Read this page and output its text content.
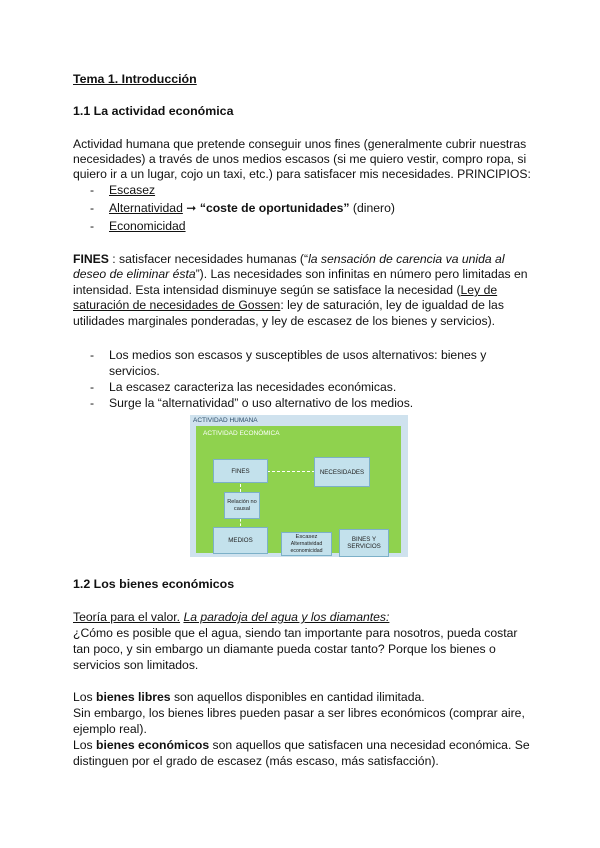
Tema 1. Introducción
1.1 La actividad económica
Actividad humana que pretende conseguir unos fines (generalmente cubrir nuestras
necesidades) a través de unos medios escasos (si me quiero vestir, compro ropa, si
quiero ir a un lugar, cojo un taxi, etc.) para satisfacer mis necesidades. PRINCIPIOS:
- Escasez
- Alternatividad ➞ “coste de oportunidades” (dinero)
- Economicidad
FINES : satisfacer necesidades humanas (“la sensación de carencia va unida al
deseo de eliminar ésta”). Las necesidades son infinitas en número pero limitadas en
intensidad. Esta intensidad disminuye según se satisface la necesidad (Ley de
saturación de necesidades de Gossen: ley de saturación, ley de igualdad de las
utilidades marginales ponderadas, y ley de escasez de los bienes y servicios).
- Los medios son escasos y susceptibles de usos alternativos: bienes y
servicios.
- La escasez caracteriza las necesidades económicas.
- Surge la “alternatividad” o uso alternativo de los medios.
ACTIVIDAD HUMANA
ACTIVIDAD ECONÓMICA
FINES	NECESIDADES
Relación no causal
MEDIOS
Escasez
Alternatividad economicidad
BINES Y SERVICIOS
1.2 Los bienes económicos
Teoría para el valor. La paradoja del agua y los diamantes:
¿Cómo es posible que el agua, siendo tan importante para nosotros, pueda costar
tan poco, y sin embargo un diamante pueda costar tanto? Porque los bienes o
servicios son limitados.
Los bienes libres son aquellos disponibles en cantidad ilimitada.
Sin embargo, los bienes libres pueden pasar a ser libres económicos (comprar aire,
ejemplo real).
Los bienes económicos son aquellos que satisfacen una necesidad económica. Se
distinguen por el grado de escasez (más escaso, más satisfacción).
